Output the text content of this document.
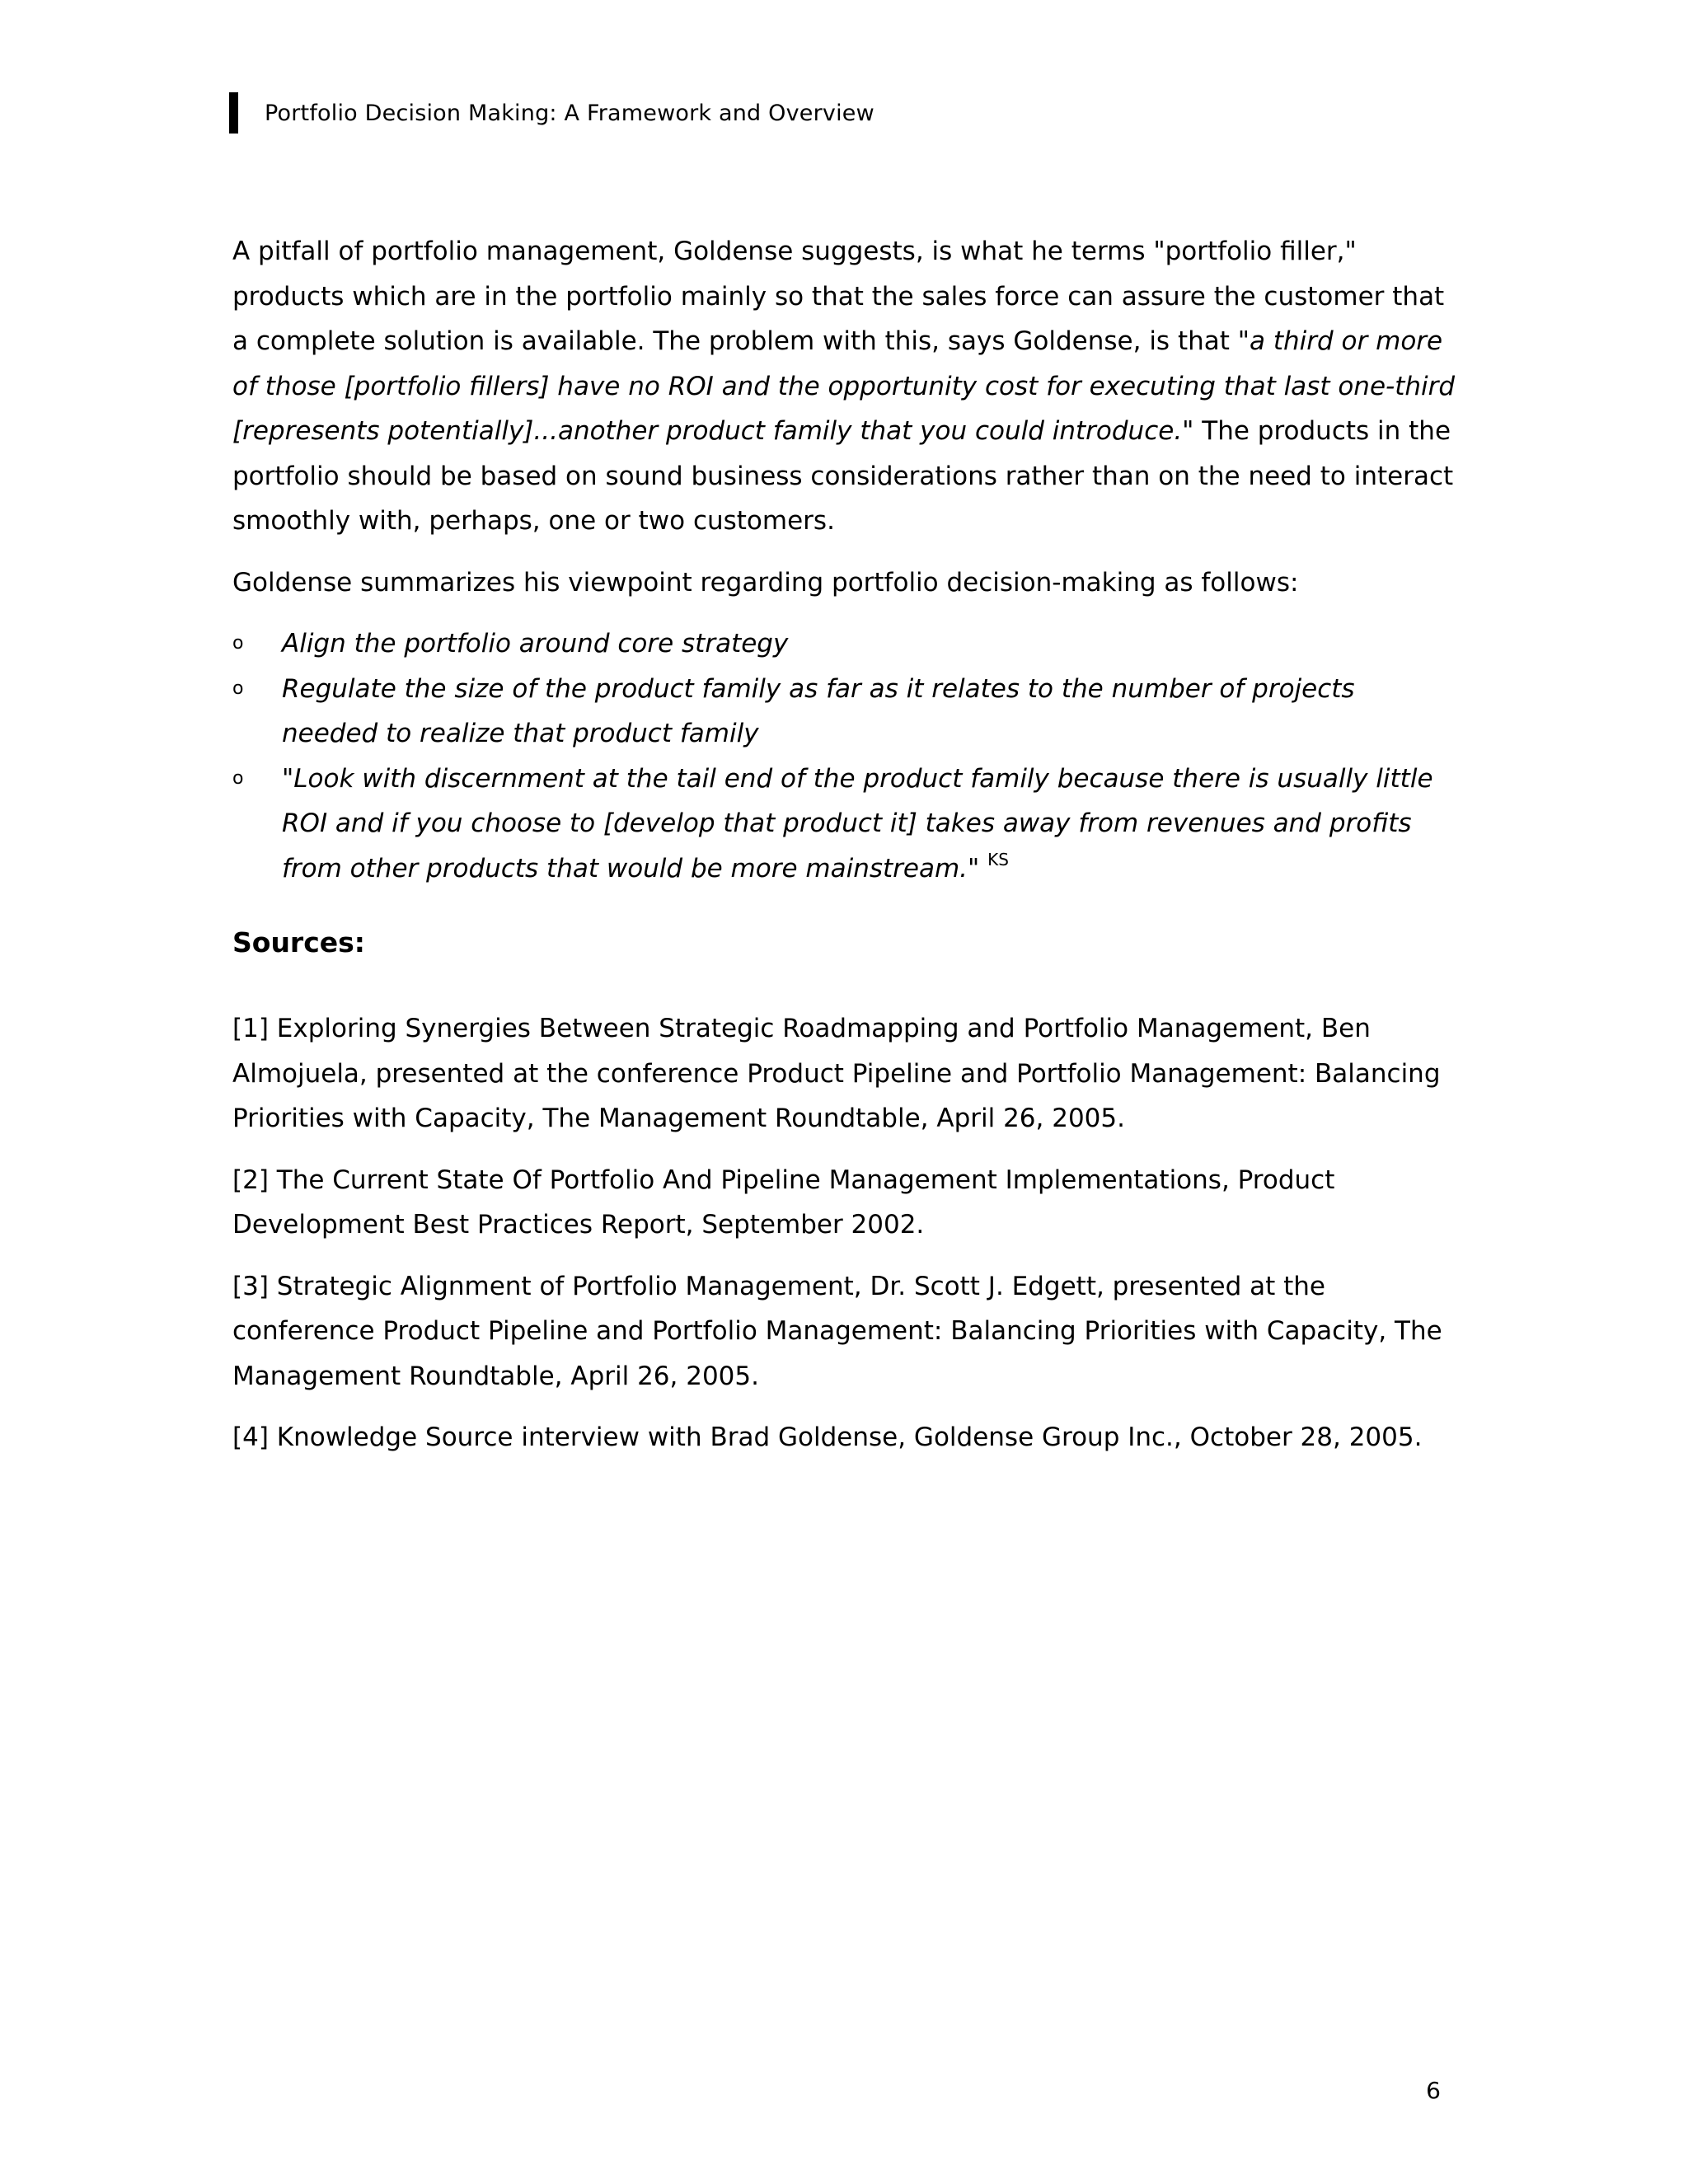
Portfolio Decision Making: A Framework and Overview

A pitfall of portfolio management, Goldense suggests, is what he terms "portfolio filler," products which are in the portfolio mainly so that the sales force can assure the customer that a complete solution is available. The problem with this, says Goldense, is that "a third or more of those [portfolio fillers] have no ROI and the opportunity cost for executing that last one-third [represents potentially]...another product family that you could introduce." The products in the portfolio should be based on sound business considerations rather than on the need to interact smoothly with, perhaps, one or two customers.

Goldense summarizes his viewpoint regarding portfolio decision-making as follows:

o Align the portfolio around core strategy
o Regulate the size of the product family as far as it relates to the number of projects needed to realize that product family
o "Look with discernment at the tail end of the product family because there is usually little ROI and if you choose to [develop that product it] takes away from revenues and profits from other products that would be more mainstream." $^{KS}$
Sources:

[1] Exploring Synergies Between Strategic Roadmapping and Portfolio Management, Ben Almojuela, presented at the conference Product Pipeline and Portfolio Management: Balancing Priorities with Capacity, The Management Roundtable, April 26, 2005.

[2] The Current State Of Portfolio And Pipeline Management Implementations, Product Development Best Practices Report, September 2002.

[3] Strategic Alignment of Portfolio Management, Dr. Scott J. Edgett, presented at the conference Product Pipeline and Portfolio Management: Balancing Priorities with Capacity, The Management Roundtable, April 26, 2005.

[4] Knowledge Source interview with Brad Goldense, Goldense Group Inc., October 28, 2005.

6
